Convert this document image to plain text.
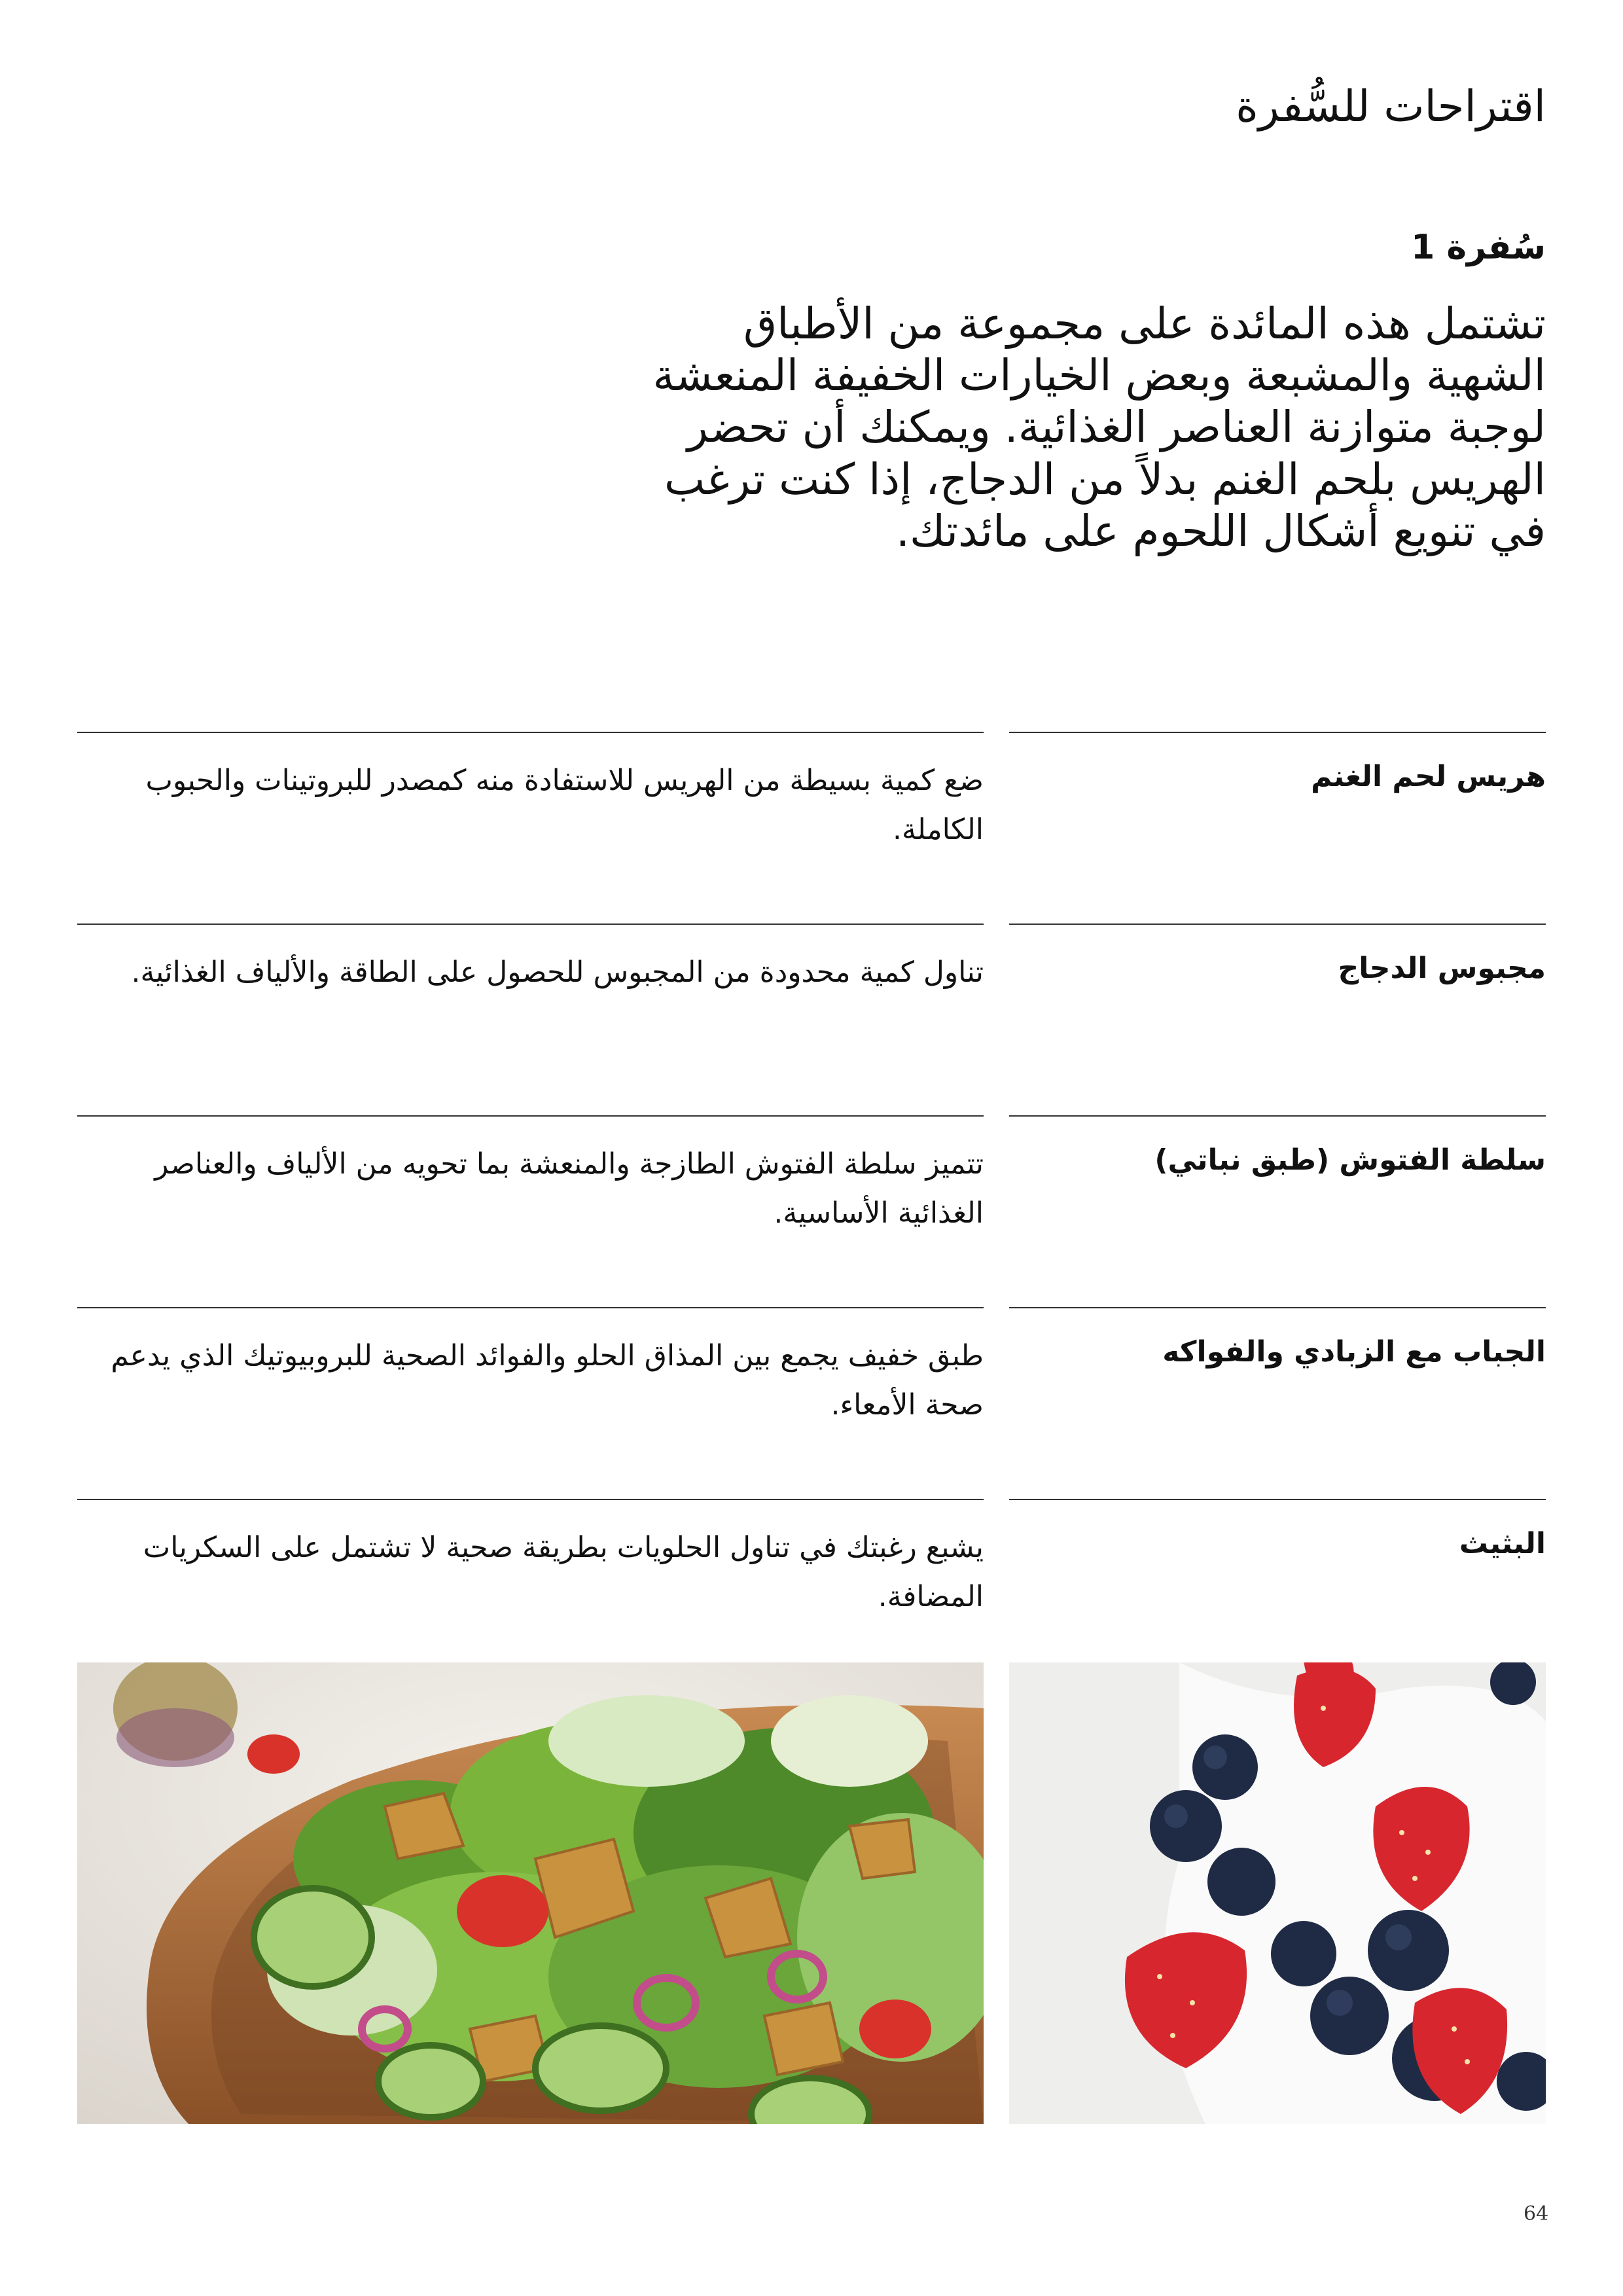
اقتراحات للسُّفرة
سُفرة 1

تشتمل هذه المائدة على مجموعة من الأطباق الشهية والمشبعة وبعض الخيارات الخفيفة المنعشة لوجبة متوازنة العناصر الغذائية. ويمكنك أن تحضر الهريس بلحم الغنم بدلاً من الدجاج، إذا كنت ترغب في تنويع أشكال اللحوم على مائدتك.

هريس لحم الغنم
ضع كمية بسيطة من الهريس للاستفادة منه كمصدر للبروتينات والحبوب الكاملة.
مجبوس الدجاج
تناول كمية محدودة من المجبوس للحصول على الطاقة والألياف الغذائية.
سلطة الفتوش (طبق نباتي)
تتميز سلطة الفتوش الطازجة والمنعشة بما تحويه من الألياف والعناصر الغذائية الأساسية.
الجباب مع الزبادي والفواكه
طبق خفيف يجمع بين المذاق الحلو والفوائد الصحية للبروبيوتيك الذي يدعم صحة الأمعاء.
البثيث
يشبع رغبتك في تناول الحلويات بطريقة صحية لا تشتمل على السكريات المضافة.
64
